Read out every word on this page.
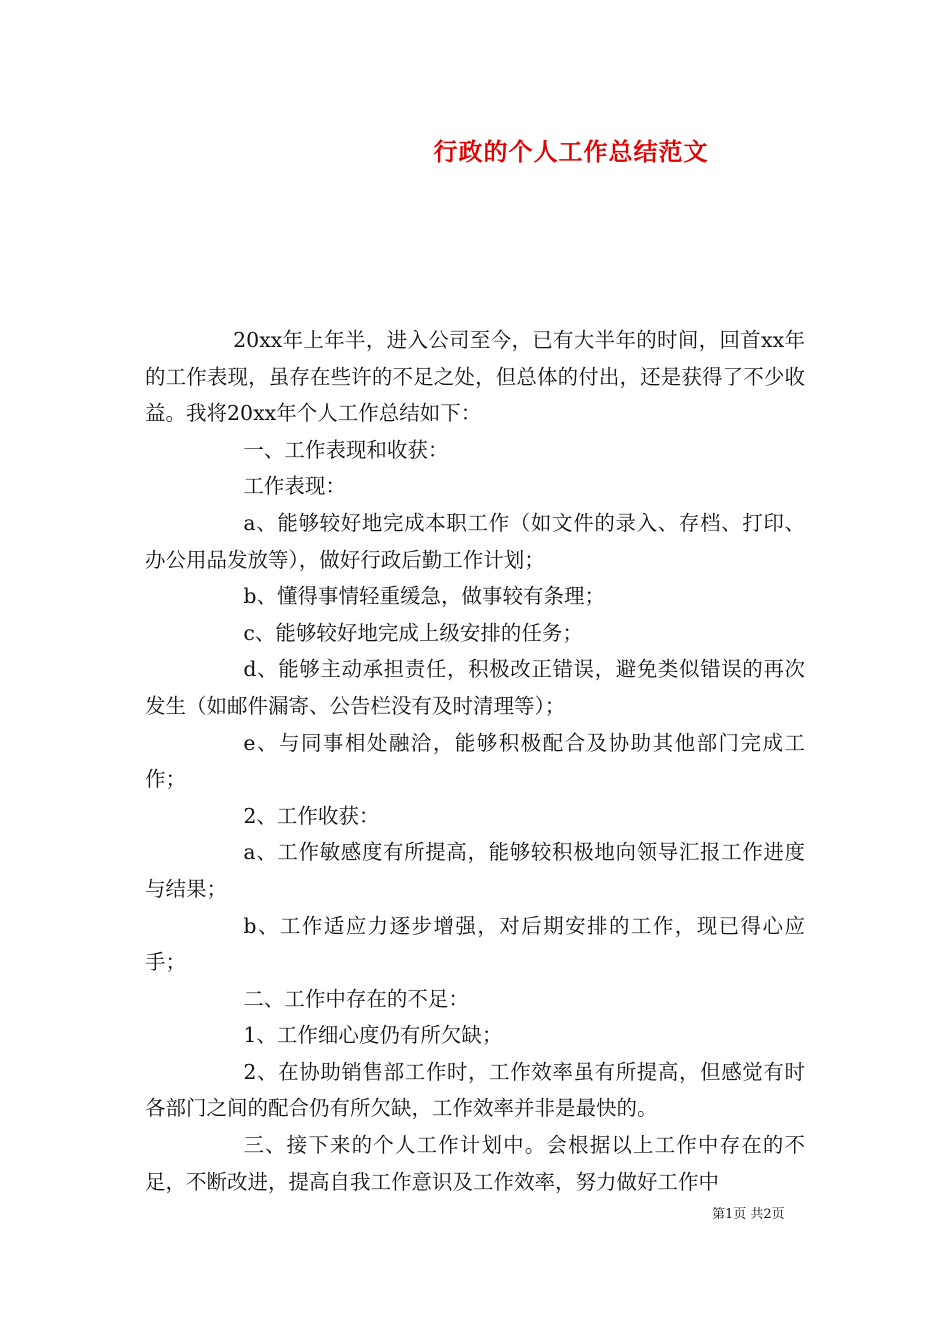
行政的个人工作总结范文

20xx年上年半，进入公司至今，已有大半年的时间，回首xx年的工作表现，虽存在些许的不足之处，但总体的付出，还是获得了不少收益。我将20xx年个人工作总结如下：

一、工作表现和收获：

工作表现：

a、能够较好地完成本职工作（如文件的录入、存档、打印、办公用品发放等），做好行政后勤工作计划；

b、懂得事情轻重缓急，做事较有条理；

c、能够较好地完成上级安排的任务；

d、能够主动承担责任，积极改正错误，避免类似错误的再次发生（如邮件漏寄、公告栏没有及时清理等）；

e、与同事相处融洽，能够积极配合及协助其他部门完成工作；

2、工作收获：

a、工作敏感度有所提高，能够较积极地向领导汇报工作进度与结果；

b、工作适应力逐步增强，对后期安排的工作，现已得心应手；

二、工作中存在的不足：

1、工作细心度仍有所欠缺；

2、在协助销售部工作时，工作效率虽有所提高，但感觉有时各部门之间的配合仍有所欠缺，工作效率并非是最快的。

三、接下来的个人工作计划中。会根据以上工作中存在的不足，不断改进，提高自我工作意识及工作效率，努力做好工作中

第1页 共2页
